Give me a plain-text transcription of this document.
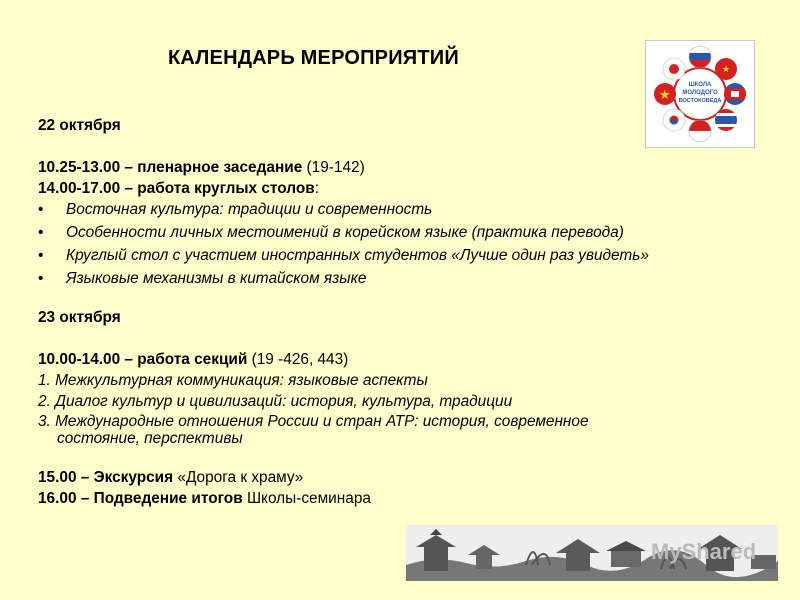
КАЛЕНДАРЬ МЕРОПРИЯТИЙ
ШКОЛА
МОЛОДОГО
ВОСТОКОВЕДА
★
★
22 октября
10.25-13.00 – пленарное заседание (19-142)
14.00-17.00 – работа круглых столов:
• Восточная культура: традиции и современность
• Особенности личных местоимений в корейском языке (практика перевода)
• Круглый стол с участием иностранных студентов «Лучше один раз увидеть»
• Языковые механизмы в китайском языке
23 октября
10.00-14.00 – работа секций (19 -426, 443)
1. Межкультурная коммуникация: языковые аспекты
2. Диалог культур и цивилизаций: история, культура, традиции
3. Международные отношения России и стран АТР: история, современное
состояние, перспективы
15.00 – Экскурсия «Дорога к храму»
16.00 – Подведение итогов Школы-семинара
MyShared
